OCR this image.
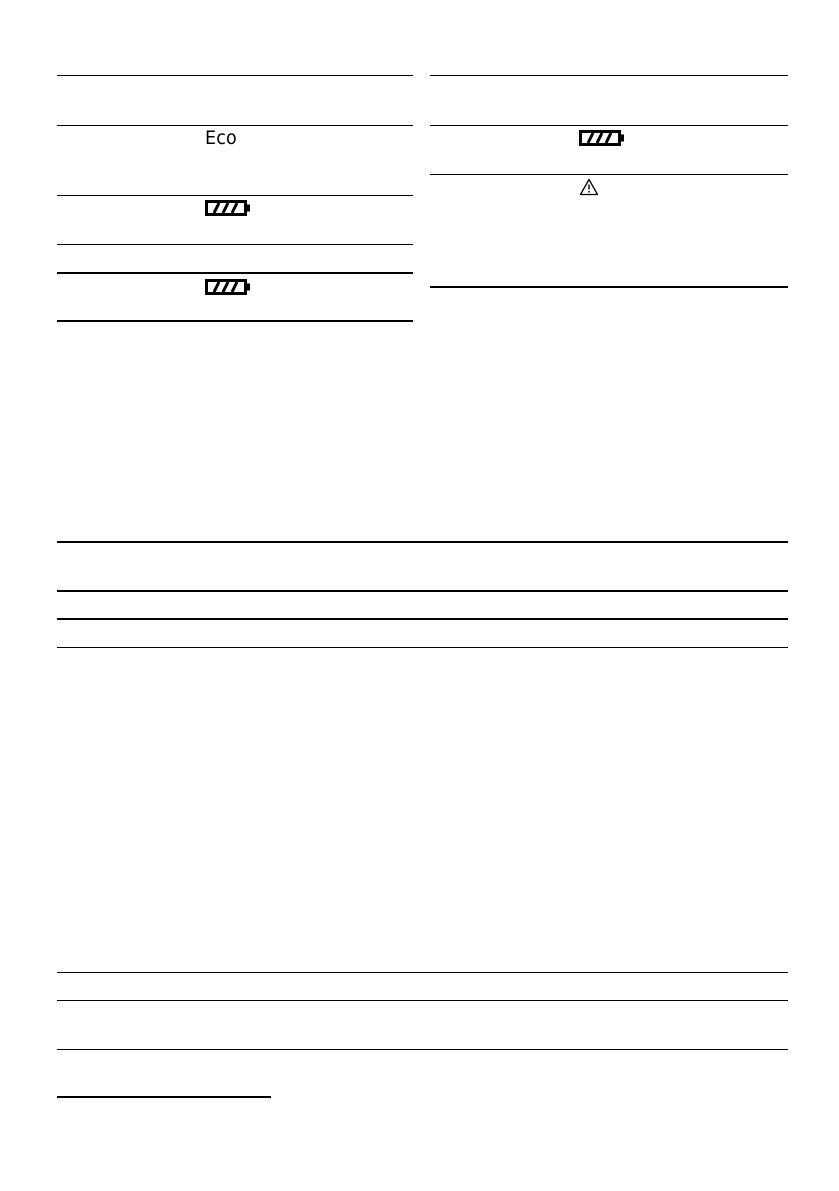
Eco
